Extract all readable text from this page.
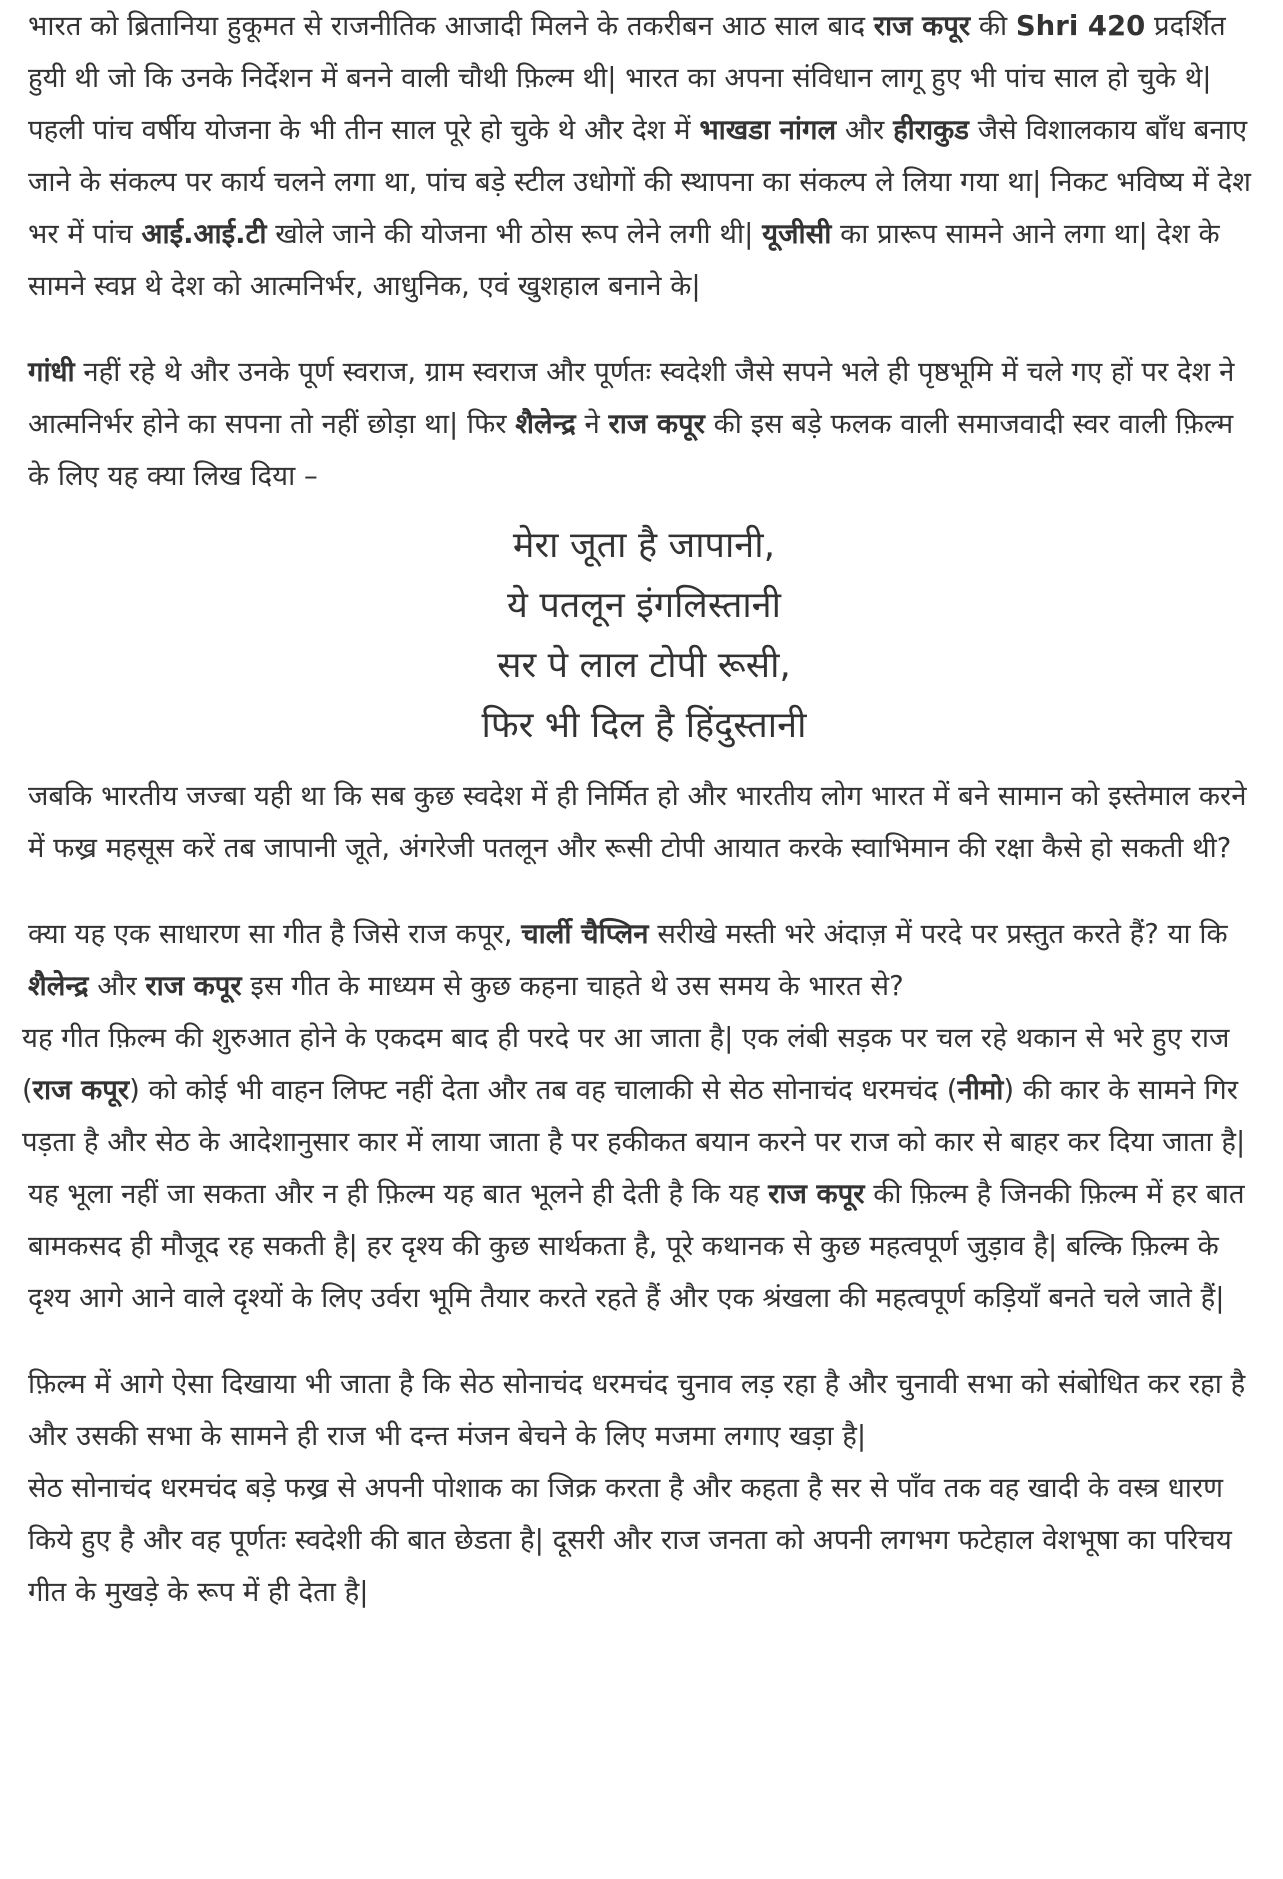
भारत को ब्रितानिया हुकूमत से राजनीतिक आजादी मिलने के तकरीबन आठ साल बाद राज कपूर की Shri 420 प्रदर्शित हुयी थी जो कि उनके निर्देशन में बनने वाली चौथी फ़िल्म थी| भारत का अपना संविधान लागू हुए भी पांच साल हो चुके थे| पहली पांच वर्षीय योजना के भी तीन साल पूरे हो चुके थे और देश में भाखडा नांगल और हीराकुड जैसे विशालकाय बाँध बनाए जाने के संकल्प पर कार्य चलने लगा था, पांच बड़े स्टील उधोगों की स्थापना का संकल्प ले लिया गया था| निकट भविष्य में देश भर में पांच आई.आई.टी खोले जाने की योजना भी ठोस रूप लेने लगी थी| यूजीसी का प्रारूप सामने आने लगा था| देश के सामने स्वप्न थे देश को आत्मनिर्भर, आधुनिक, एवं खुशहाल बनाने के|

गांधी नहीं रहे थे और उनके पूर्ण स्वराज, ग्राम स्वराज और पूर्णतः स्वदेशी जैसे सपने भले ही पृष्ठभूमि में चले गए हों पर देश ने आत्मनिर्भर होने का सपना तो नहीं छोड़ा था| फिर शैलेन्द्र ने राज कपूर की इस बड़े फलक वाली समाजवादी स्वर वाली फ़िल्म के लिए यह क्या लिख दिया –

मेरा जूता है जापानी,
ये पतलून इंगलिस्तानी
सर पे लाल टोपी रूसी,
फिर भी दिल है हिंदुस्तानी

जबकि भारतीय जज्बा यही था कि सब कुछ स्वदेश में ही निर्मित हो और भारतीय लोग भारत में बने सामान को इस्तेमाल करने में फख्र महसूस करें तब जापानी जूते, अंगरेजी पतलून और रूसी टोपी आयात करके स्वाभिमान की रक्षा कैसे हो सकती थी?

क्या यह एक साधारण सा गीत है जिसे राज कपूर, चार्ली चैप्लिन सरीखे मस्ती भरे अंदाज़ में परदे पर प्रस्तुत करते हैं? या कि शैलेन्द्र और राज कपूर इस गीत के माध्यम से कुछ कहना चाहते थे उस समय के भारत से?

यह गीत फ़िल्म की शुरुआत होने के एकदम बाद ही परदे पर आ जाता है| एक लंबी सड़क पर चल रहे थकान से भरे हुए राज (राज कपूर) को कोई भी वाहन लिफ्ट नहीं देता और तब वह चालाकी से सेठ सोनाचंद धरमचंद (नीमो) की कार के सामने गिर पड़ता है और सेठ के आदेशानुसार कार में लाया जाता है पर हकीकत बयान करने पर राज को कार से बाहर कर दिया जाता है|

यह भूला नहीं जा सकता और न ही फ़िल्म यह बात भूलने ही देती है कि यह राज कपूर की फ़िल्म है जिनकी फ़िल्म में हर बात बामकसद ही मौजूद रह सकती है| हर दृश्य की कुछ सार्थकता है, पूरे कथानक से कुछ महत्वपूर्ण जुड़ाव है| बल्कि फ़िल्म के दृश्य आगे आने वाले दृश्यों के लिए उर्वरा भूमि तैयार करते रहते हैं और एक श्रंखला की महत्वपूर्ण कड़ियाँ बनते चले जाते हैं|

फ़िल्म में आगे ऐसा दिखाया भी जाता है कि सेठ सोनाचंद धरमचंद चुनाव लड़ रहा है और चुनावी सभा को संबोधित कर रहा है और उसकी सभा के सामने ही राज भी दन्त मंजन बेचने के लिए मजमा लगाए खड़ा है|

सेठ सोनाचंद धरमचंद बड़े फख्र से अपनी पोशाक का जिक्र करता है और कहता है सर से पाँव तक वह खादी के वस्त्र धारण किये हुए है और वह पूर्णतः स्वदेशी की बात छेडता है| दूसरी और राज जनता को अपनी लगभग फटेहाल वेशभूषा का परिचय गीत के मुखड़े के रूप में ही देता है|
